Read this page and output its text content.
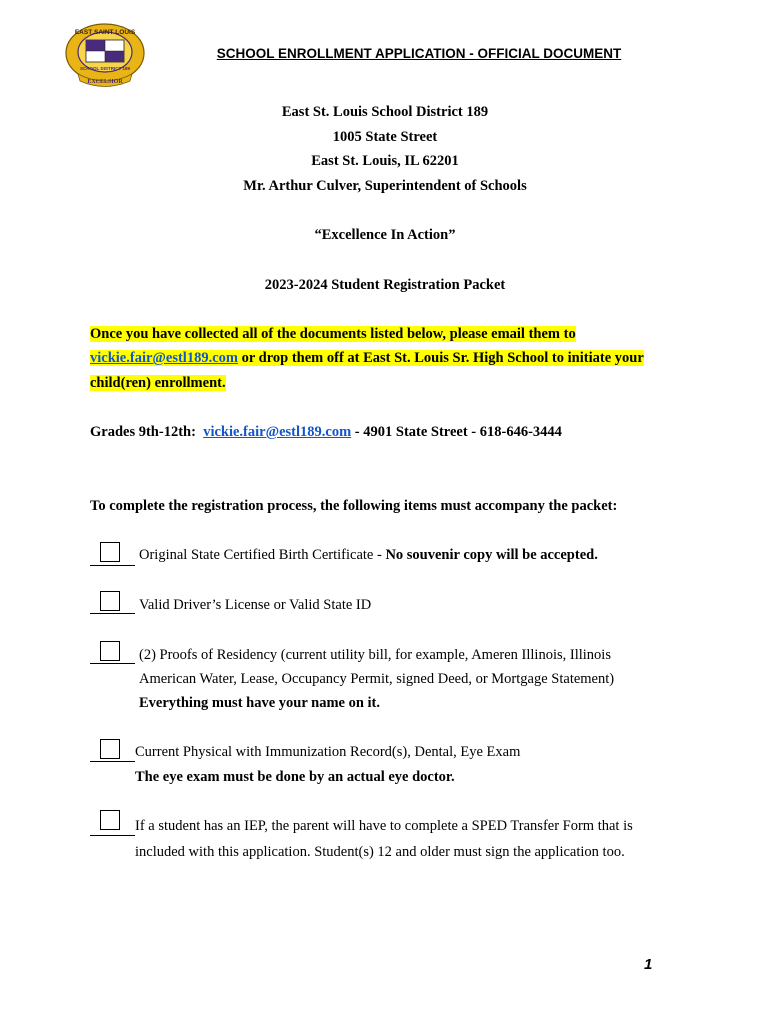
EAST SAINT LOUIS
SCHOOL DISTRICT 189
EXCELSIOR
SCHOOL ENROLLMENT APPLICATION - OFFICIAL DOCUMENT
East St. Louis School District 189
1005 State Street
East St. Louis, IL 62201
Mr. Arthur Culver, Superintendent of Schools
“Excellence In Action”
2023-2024 Student Registration Packet
Once you have collected all of the documents listed below, please email them to
vickie.fair@estl189.com or drop them off at East St. Louis Sr. High School to initiate your
child(ren) enrollment.
Grades 9th-12th: vickie.fair@estl189.com - 4901 State Street - 618-646-3444
To complete the registration process, the following items must accompany the packet:
Original State Certified Birth Certificate - No souvenir copy will be accepted.
Valid Driver’s License or Valid State ID
(2) Proofs of Residency (current utility bill, for example, Ameren Illinois, Illinois
American Water, Lease, Occupancy Permit, signed Deed, or Mortgage Statement)
Everything must have your name on it.
Current Physical with Immunization Record(s), Dental, Eye Exam
The eye exam must be done by an actual eye doctor.
If a student has an IEP, the parent will have to complete a SPED Transfer Form that is
included with this application. Student(s) 12 and older must sign the application too.
1
